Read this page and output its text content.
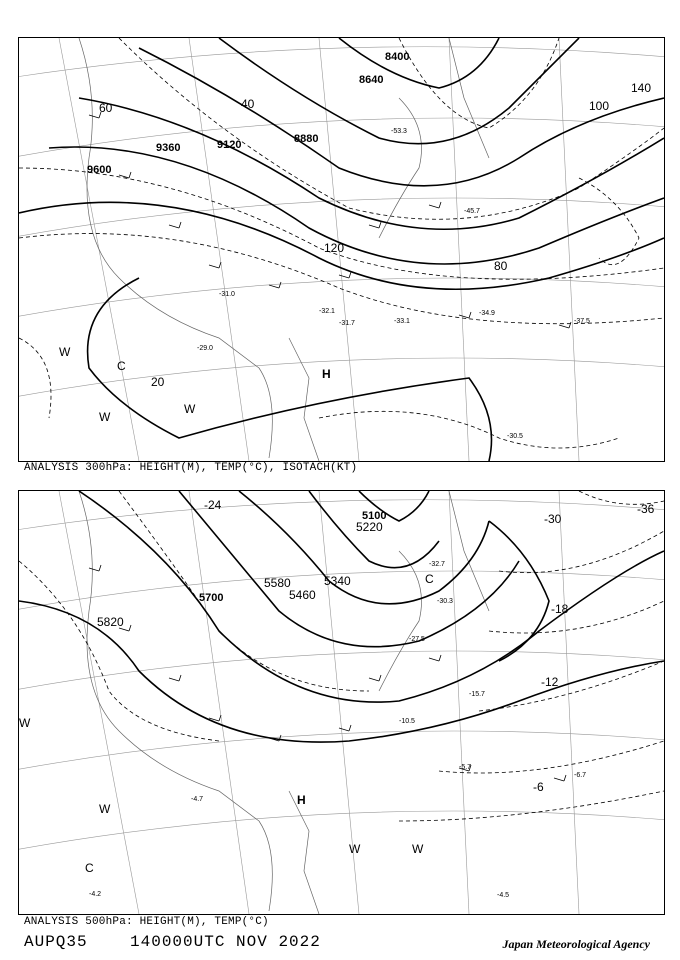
9600
9360	9120	8880
8640
8400
20
40
60
80
100
120
140
-31.0
-31.7
-32.1
-33.1
-34.9
-37.5
-30.5
-29.0
-45.7
-53.3
H
C
W
W
W
ANALYSIS 300hPa: HEIGHT(M), TEMP(°C), ISOTACH(KT)
5820
5700
5580
5460
5340
5220
5100	-36
-30
-24
-18
-12
-6
-4.5
-5.7
-6.7
-27.5
-30.3
-32.7
-15.7
-10.5
-4.7
-4.2
H
C
C
W
W
W	W
ANALYSIS 500hPa: HEIGHT(M), TEMP(°C)
AUPQ35	140000UTC NOV 2022	Japan Meteorological Agency
